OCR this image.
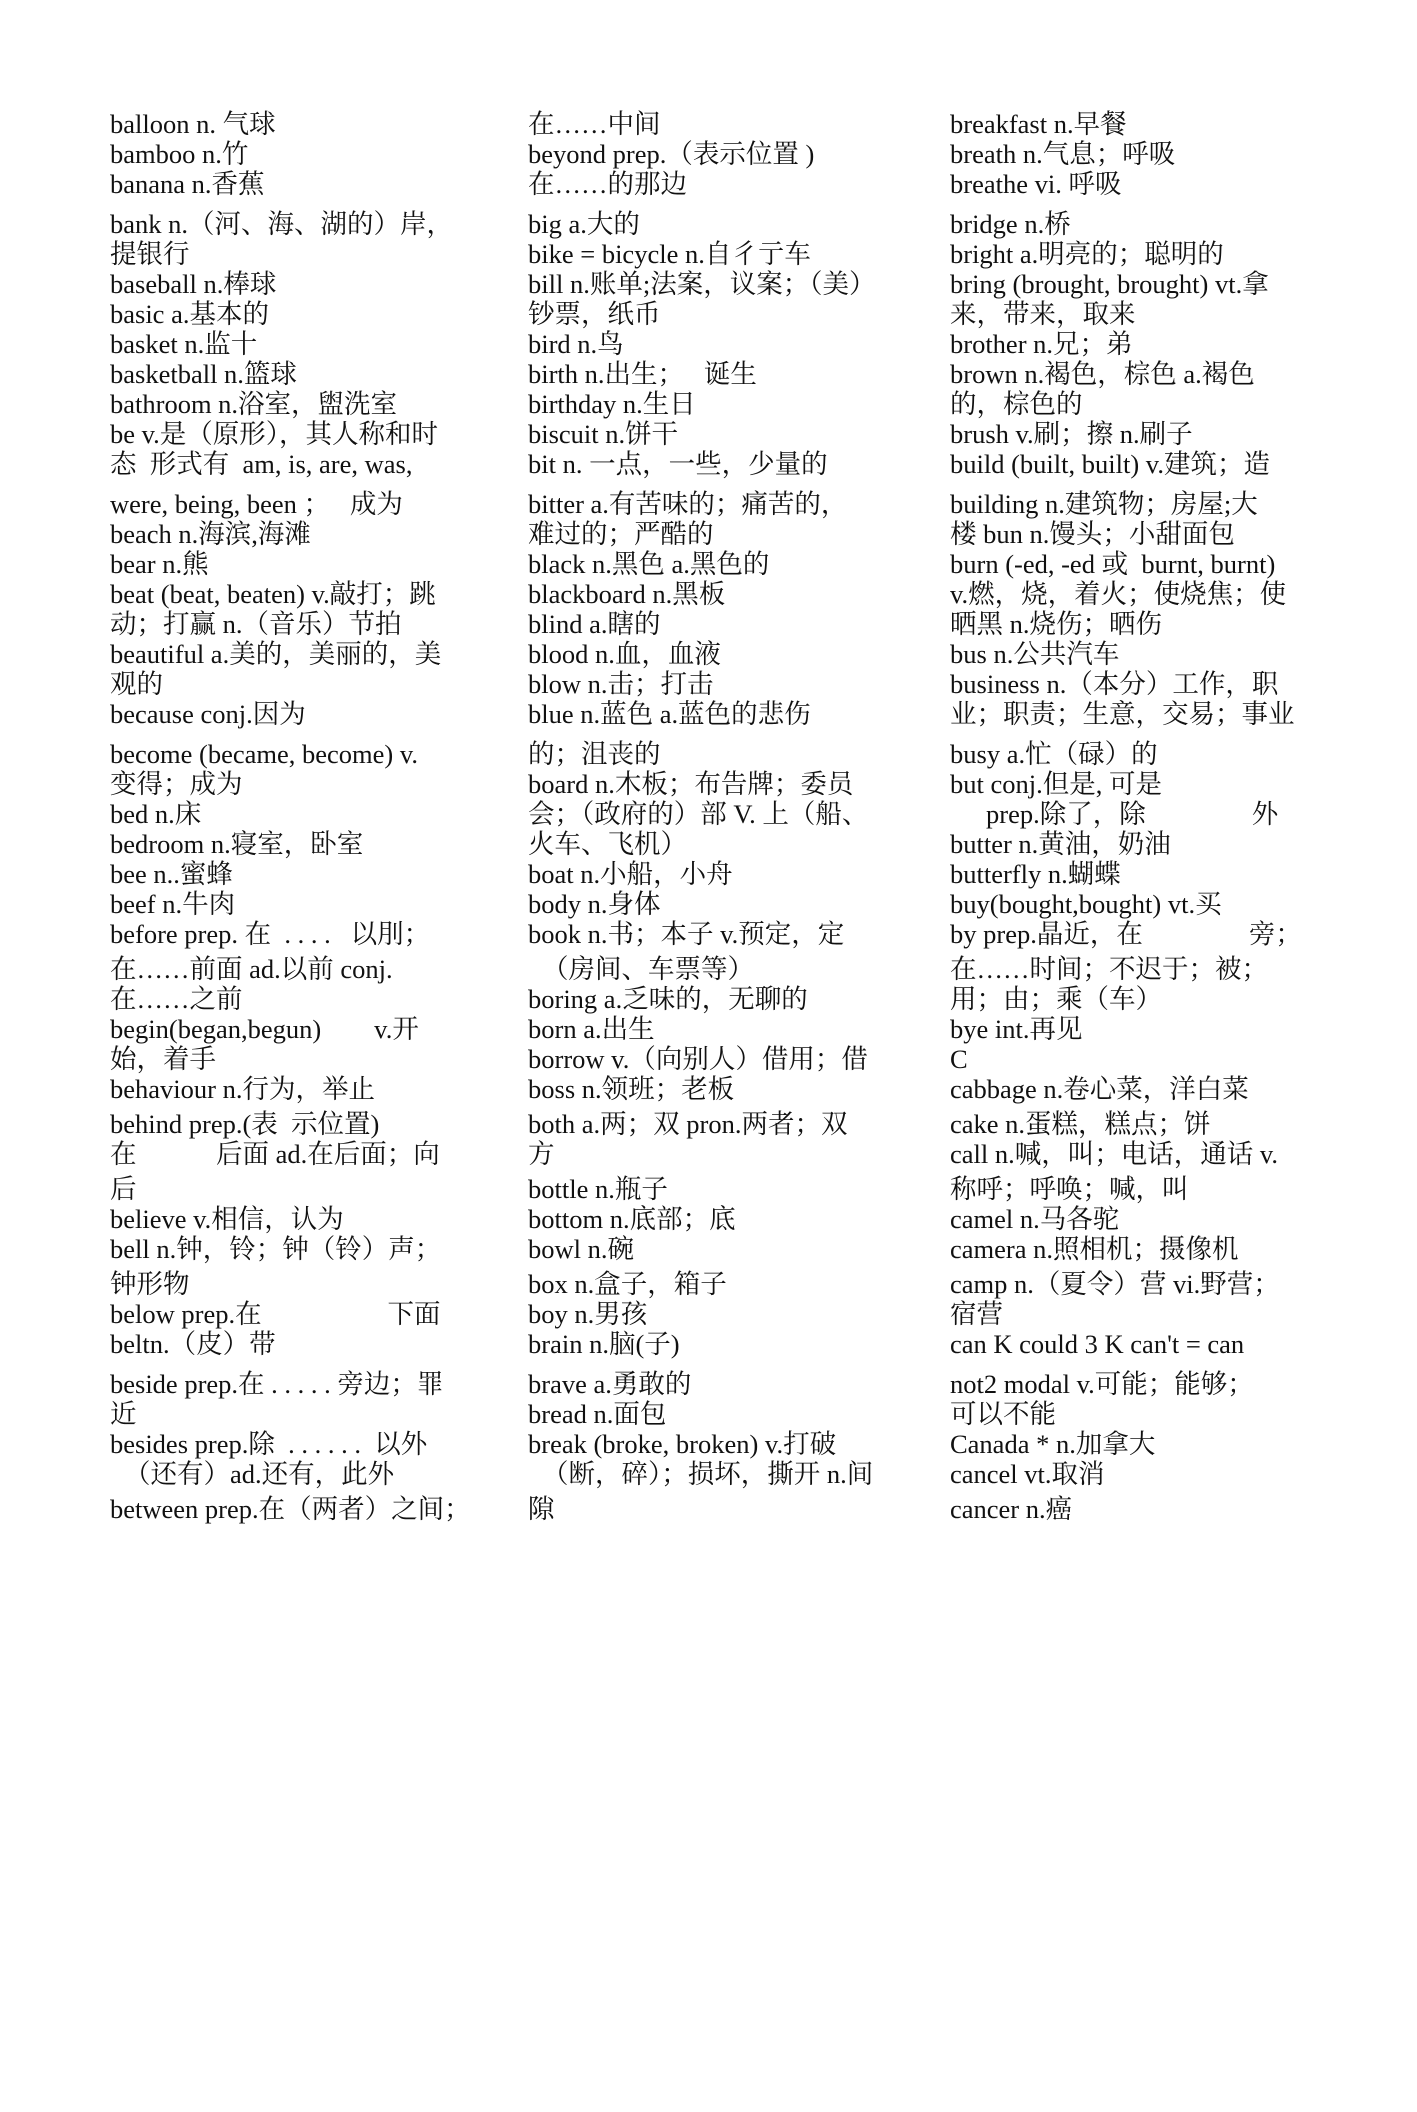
balloon n. 气球
bamboo n.竹
banana n.香蕉
bank n.（河、海、湖的）岸，
提银行
baseball n.棒球
basic a.基本的
basket n.监十
basketball n.篮球
bathroom n.浴室，盥洗室
be v.是（原形），其人称和时
态  形式有  am, is, are, was,
were, being, been ；   成为
beach n.海滨,海滩
bear n.熊
beat (beat, beaten) v.敲打；跳
动；打赢 n.（音乐）节拍
beautiful a.美的，美丽的，美
观的
because conj.因为
become (became, become) v.
变得；成为
bed n.床
bedroom n.寝室，卧室
bee n..蜜蜂
beef n.牛肉
before prep. 在  . . . .   以刖；
在……前面 ad.以前 conj.
在……之前
begin(began,begun)        v.开
始，着手
behaviour n.行为，举止
behind prep.(表  示位置)
在            后面 ad.在后面；向
后
believe v.相信，认为
bell n.钟，铃；钟（铃）声；
钟形物
below prep.在                   下面
beltn.（皮）带
beside prep.在 . . . . . 旁边；罪
近
besides prep.除  . . . . . .  以外
（还有）ad.还有，此外
between prep.在（两者）之间；
在……中间
beyond prep.（表示位置 )
在……的那边
big a.大的
bike = bicycle n.自彳亍车
bill n.账单;法案，议案；（美）
钞票，纸币
bird n.鸟
birth n.出生；   诞生
birthday n.生日
biscuit n.饼干
bit n. 一点，一些，少量的
bitter a.有苦味的；痛苦的，
难过的；严酷的
black n.黑色 a.黑色的
blackboard n.黑板
blind a.瞎的
blood n.血，血液
blow n.击；打击
blue n.蓝色 a.蓝色的悲伤
的；沮丧的
board n.木板；布告牌；委员
会；（政府的）部 V. 上（船、
火车、飞机）
boat n.小船，小舟
body n.身体
book n.书；本子 v.预定，定
（房间、车票等）
boring a.乏味的，无聊的
born a.出生
borrow v.（向别人）借用；借
boss n.领班；老板
both a.两；双 pron.两者；双
方
bottle n.瓶子
bottom n.底部；底
bowl n.碗
box n.盒子，箱子
boy n.男孩
brain n.脑(子)
brave a.勇敢的
bread n.面包
break (broke, broken) v.打破
（断，碎）；损坏，撕开 n.间
隙
breakfast n.早餐
breath n.气息；呼吸
breathe vi. 呼吸
bridge n.桥
bright a.明亮的；聪明的
bring (brought, brought) vt.拿
来，带来，取来
brother n.兄；弟
brown n.褐色，棕色 a.褐色
的，棕色的
brush v.刷；擦 n.刷子
build (built, built) v.建筑；造
building n.建筑物；房屋;大
楼 bun n.馒头；小甜面包
burn (-ed, -ed 或  burnt, burnt)
v.燃，烧，着火；使烧焦；使
晒黑 n.烧伤；晒伤
bus n.公共汽车
business n.（本分）工作，职
业；职责；生意，交易；事业
busy a.忙（碌）的
but conj.但是, 可是
prep.除了，除                外
butter n.黄油，奶油
butterfly n.蝴蝶
buy(bought,bought) vt.买
by prep.晶近，在                旁；
在……时间；不迟于；被；
用；由；乘（车）
bye int.再见
C
cabbage n.卷心菜，洋白菜
cake n.蛋糕，糕点；饼
call n.喊，叫；电话，通话 v.
称呼；呼唤；喊，叫
camel n.马各驼
camera n.照相机；摄像机
camp n.（夏令）营 vi.野营；
宿营
can K could 3 K can't = can
not2 modal v.可能；能够；
可以不能
Canada * n.加拿大
cancel vt.取消
cancer n.癌
